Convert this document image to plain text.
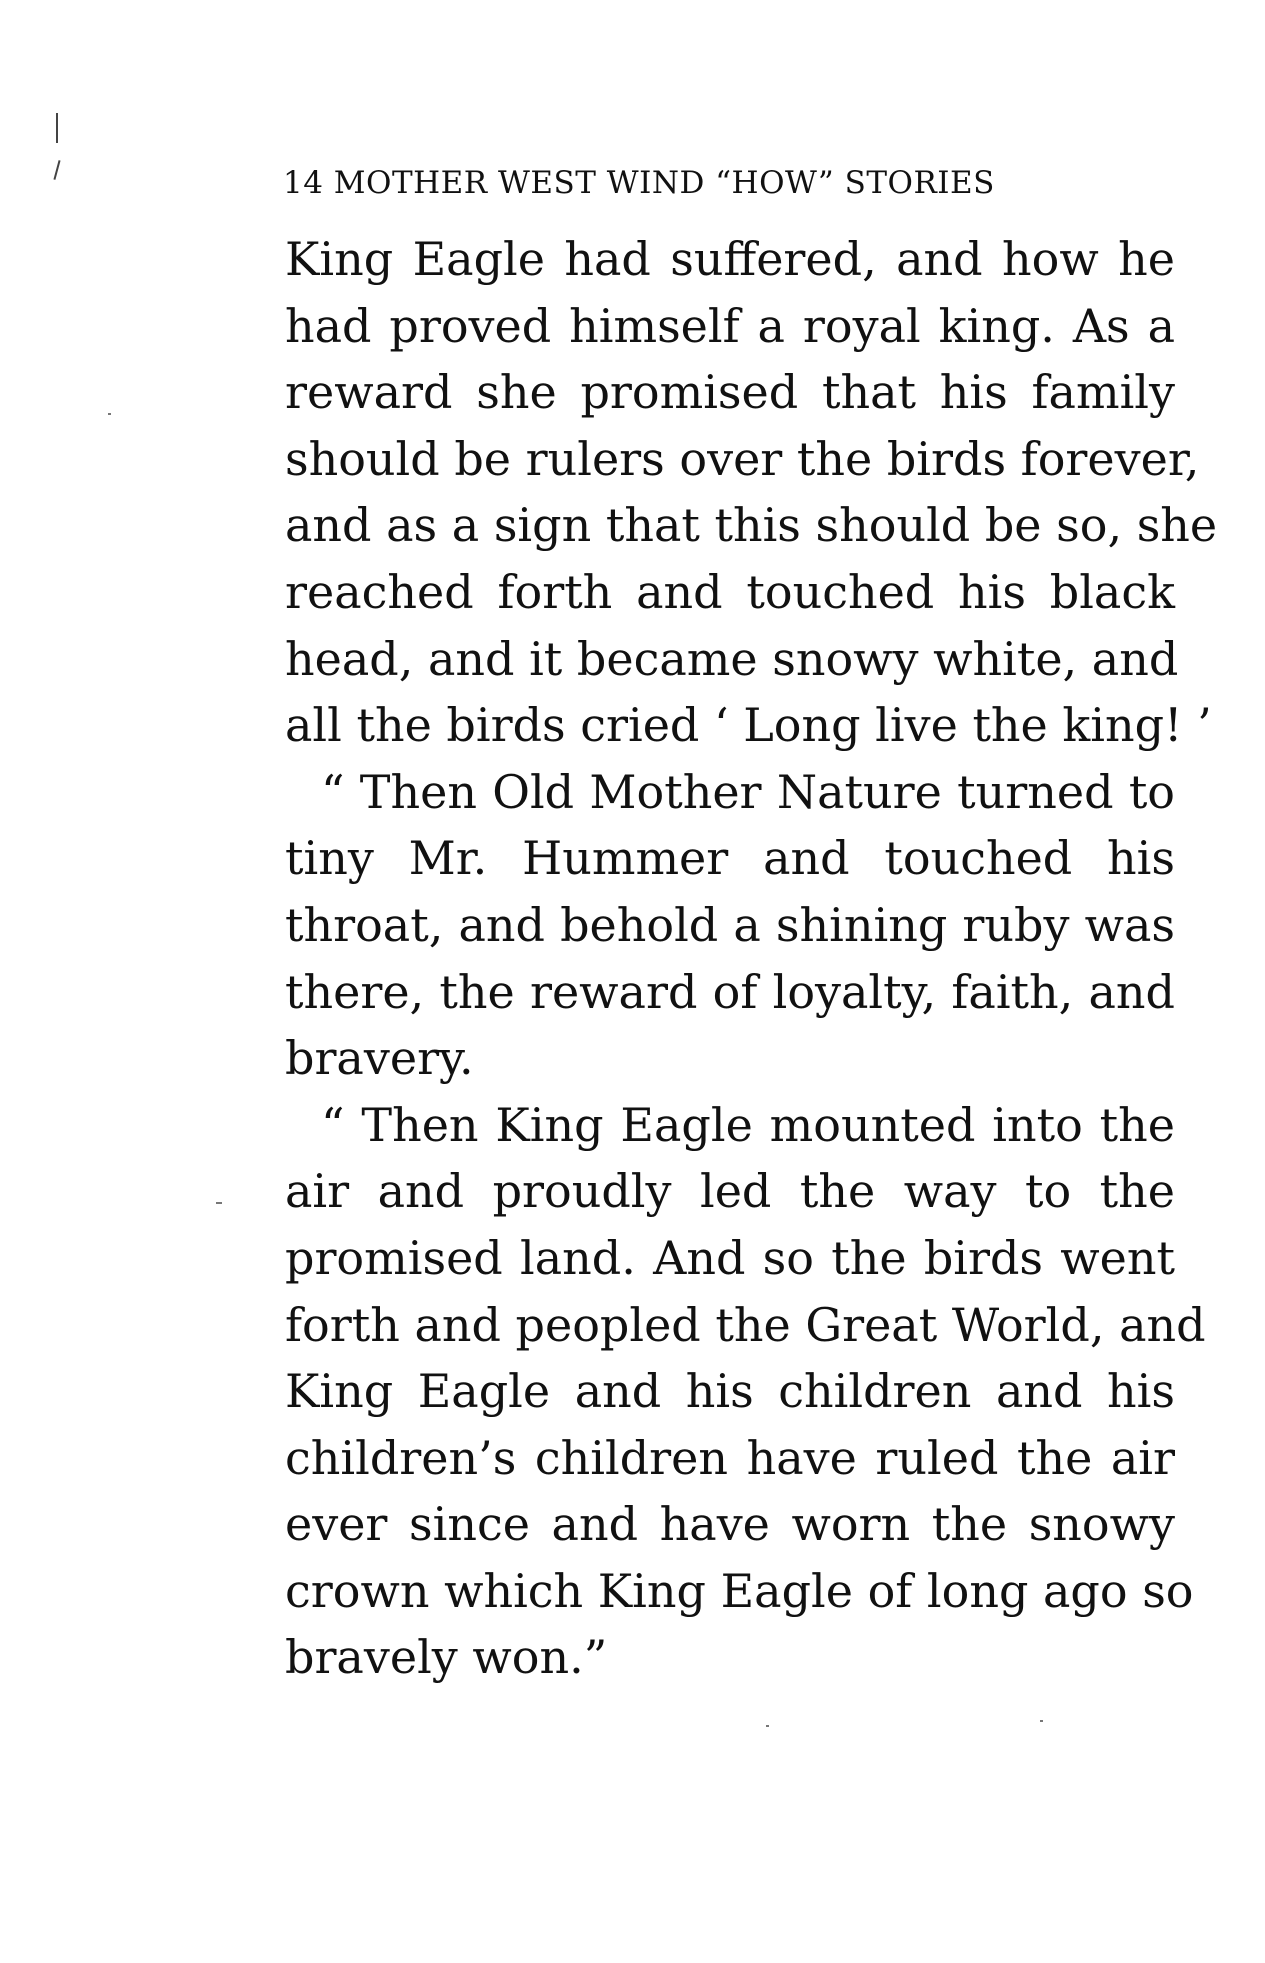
14 MOTHER WEST WIND “HOW” STORIES
King Eagle had suffered, and how he
had proved himself a royal king. As a
reward she promised that his family
should be rulers over the birds forever,
and as a sign that this should be so, she
reached forth and touched his black
head, and it became snowy white, and
all the birds cried ‘ Long live the king! ’
“ Then Old Mother Nature turned to
tiny Mr. Hummer and touched his
throat, and behold a shining ruby was
there, the reward of loyalty, faith, and
bravery.
“ Then King Eagle mounted into the
air and proudly led the way to the
promised land. And so the birds went
forth and peopled the Great World, and
King Eagle and his children and his
children’s children have ruled the air
ever since and have worn the snowy
crown which King Eagle of long ago so
bravely won.”
